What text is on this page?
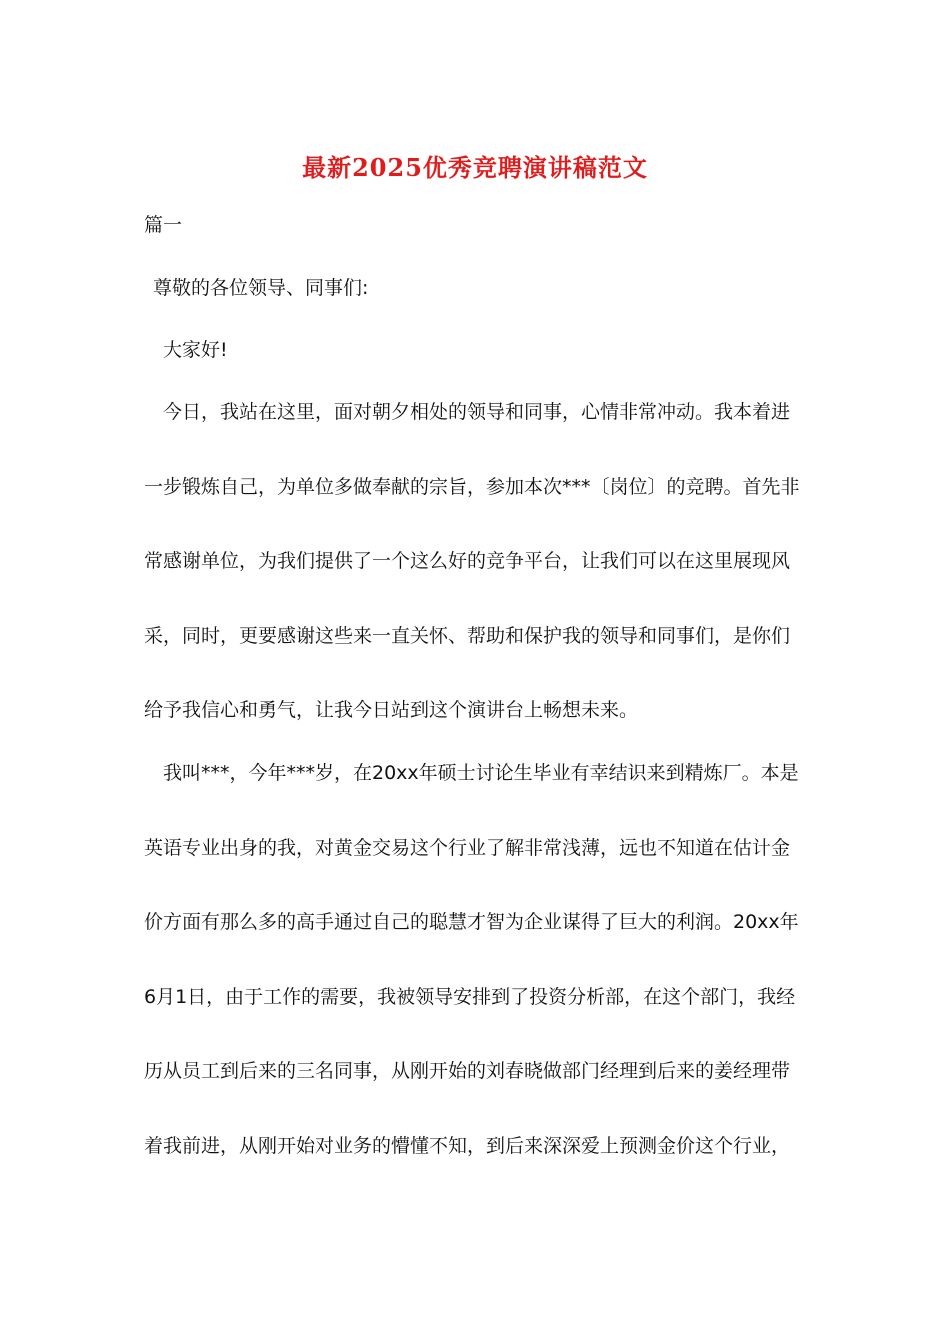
最新2025优秀竞聘演讲稿范文
篇一
尊敬的各位领导、同事们:
大家好!
今日，我站在这里，面对朝夕相处的领导和同事，心情非常冲动。我本着进
一步锻炼自己，为单位多做奉献的宗旨，参加本次***〔岗位〕的竞聘。首先非
常感谢单位，为我们提供了一个这么好的竞争平台，让我们可以在这里展现风
采，同时，更要感谢这些来一直关怀、帮助和保护我的领导和同事们，是你们
给予我信心和勇气，让我今日站到这个演讲台上畅想未来。
我叫***，今年***岁，在20xx年硕士讨论生毕业有幸结识来到精炼厂。本是
英语专业出身的我，对黄金交易这个行业了解非常浅薄，远也不知道在估计金
价方面有那么多的高手通过自己的聪慧才智为企业谋得了巨大的利润。20xx年
6月1日，由于工作的需要，我被领导安排到了投资分析部，在这个部门，我经
历从员工到后来的三名同事，从刚开始的刘春晓做部门经理到后来的姜经理带
着我前进，从刚开始对业务的懵懂不知，到后来深深爱上预测金价这个行业，
